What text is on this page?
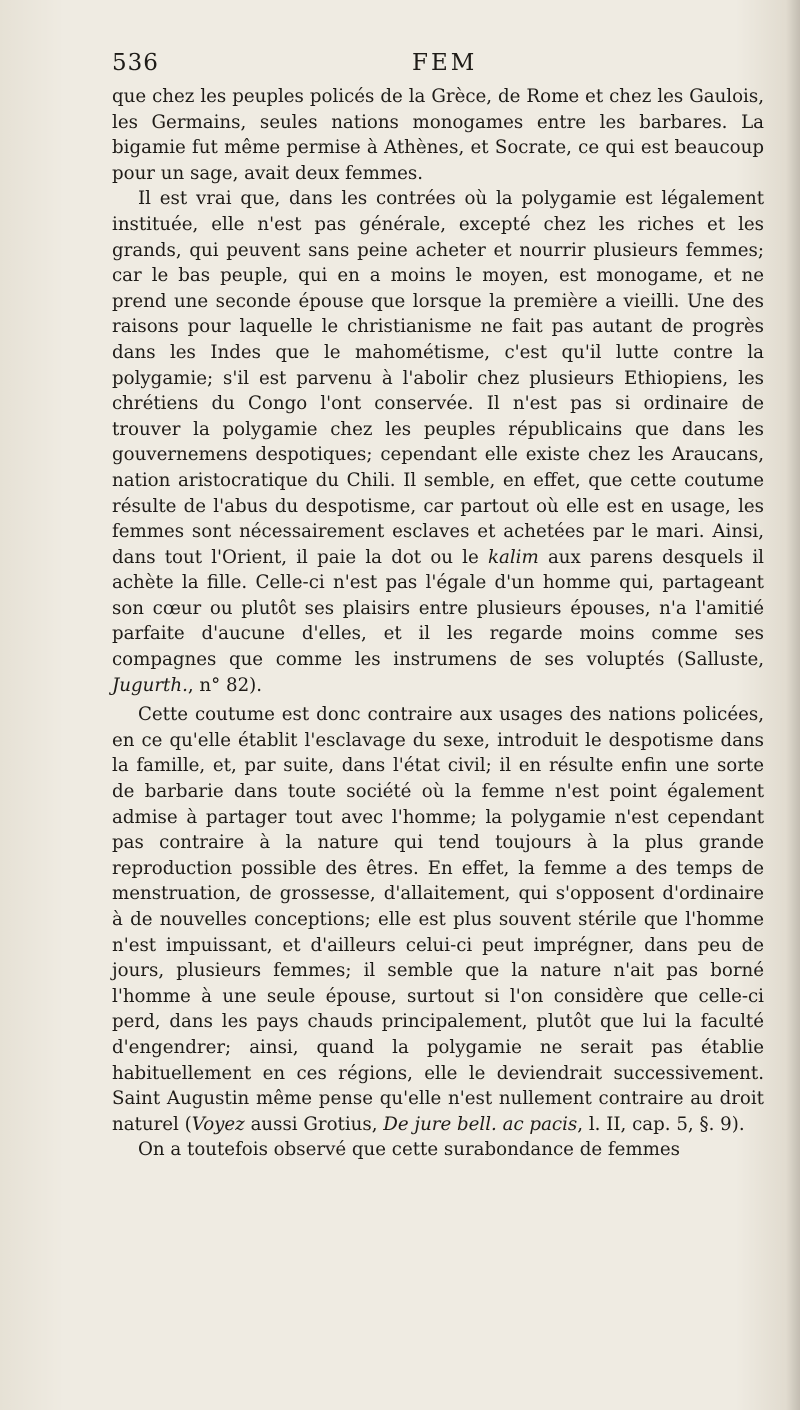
536	FEM

que chez les peuples policés de la Grèce, de Rome et chez les Gaulois, les Germains, seules nations monogames entre les barbares. La bigamie fut même permise à Athènes, et Socrate, ce qui est beaucoup pour un sage, avait deux femmes.

Il est vrai que, dans les contrées où la polygamie est légalement instituée, elle n'est pas générale, excepté chez les riches et les grands, qui peuvent sans peine acheter et nourrir plusieurs femmes; car le bas peuple, qui en a moins le moyen, est monogame, et ne prend une seconde épouse que lorsque la première a vieilli. Une des raisons pour laquelle le christianisme ne fait pas autant de progrès dans les Indes que le mahométisme, c'est qu'il lutte contre la polygamie; s'il est parvenu à l'abolir chez plusieurs Ethiopiens, les chrétiens du Congo l'ont conservée. Il n'est pas si ordinaire de trouver la polygamie chez les peuples républicains que dans les gouvernemens despotiques; cependant elle existe chez les Araucans, nation aristocratique du Chili. Il semble, en effet, que cette coutume résulte de l'abus du despotisme, car partout où elle est en usage, les femmes sont nécessairement esclaves et achetées par le mari. Ainsi, dans tout l'Orient, il paie la dot ou le kalim aux parens desquels il achète la fille. Celle-ci n'est pas l'égale d'un homme qui, partageant son cœur ou plutôt ses plaisirs entre plusieurs épouses, n'a l'amitié parfaite d'aucune d'elles, et il les regarde moins comme ses compagnes que comme les instrumens de ses voluptés (Salluste, Jugurth., n° 82).

Cette coutume est donc contraire aux usages des nations policées, en ce qu'elle établit l'esclavage du sexe, introduit le despotisme dans la famille, et, par suite, dans l'état civil; il en résulte enfin une sorte de barbarie dans toute société où la femme n'est point également admise à partager tout avec l'homme; la polygamie n'est cependant pas contraire à la nature qui tend toujours à la plus grande reproduction possible des êtres. En effet, la femme a des temps de menstruation, de grossesse, d'allaitement, qui s'opposent d'ordinaire à de nouvelles conceptions; elle est plus souvent stérile que l'homme n'est impuissant, et d'ailleurs celui-ci peut imprégner, dans peu de jours, plusieurs femmes; il semble que la nature n'ait pas borné l'homme à une seule épouse, surtout si l'on considère que celle-ci perd, dans les pays chauds principalement, plutôt que lui la faculté d'engendrer; ainsi, quand la polygamie ne serait pas établie habituellement en ces régions, elle le deviendrait successivement. Saint Augustin même pense qu'elle n'est nullement contraire au droit naturel (Voyez aussi Grotius, De jure bell. ac pacis, l. II, cap. 5, §. 9).

On a toutefois observé que cette surabondance de femmes
